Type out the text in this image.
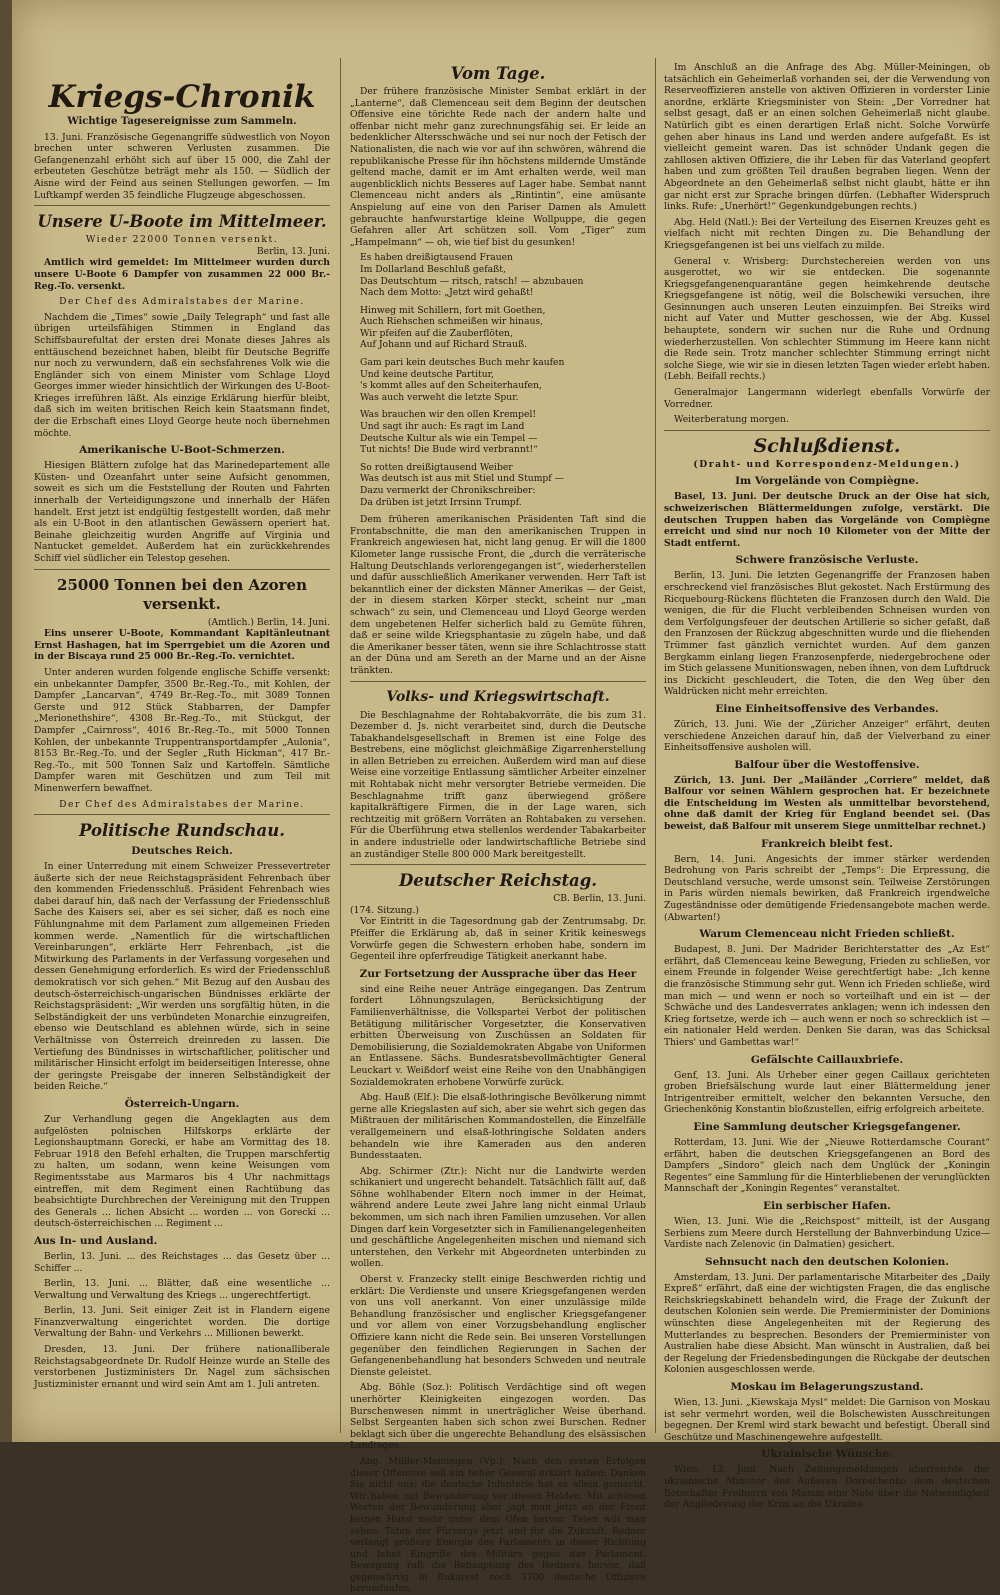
Kriegs-Chronik
Wichtige Tagesereignisse zum Sammeln.

13. Juni. Französische Gegenangriffe südwestlich von Noyon brechen unter schweren Verlusten zusammen. Die Gefangenenzahl erhöht sich auf über 15 000, die Zahl der erbeuteten Geschütze beträgt mehr als 150. — Südlich der Aisne wird der Feind aus seinen Stellungen geworfen. — Im Luftkampf werden 35 feindliche Flugzeuge abgeschossen.

Unsere U-Boote im Mittelmeer.
Wieder 22000 Tonnen versenkt.
Berlin, 13. Juni.

Amtlich wird gemeldet: Im Mittelmeer wurden durch unsere U-Boote 6 Dampfer von zusammen 22 000 Br.-Reg.-To. versenkt.

Der Chef des Admiralstabes der Marine.

Nachdem die „Times“ sowie „Daily Telegraph“ und fast alle übrigen urteilsfähigen Stimmen in England das Schiffsbaurefultat der ersten drei Monate dieses Jahres als enttäuschend bezeichnet haben, bleibt für Deutsche Begriffe nur noch zu verwundern, daß ein sechsfahrenes Volk wie die Engländer sich von einem Minister vom Schlage Lloyd Georges immer wieder hinsichtlich der Wirkungen des U-Boot-Krieges irreführen läßt. Als einzige Erklärung hierfür bleibt, daß sich im weiten britischen Reich kein Staatsmann findet, der die Erbschaft eines Lloyd George heute noch übernehmen möchte.

Amerikanische U-Boot-Schmerzen.

Hiesigen Blättern zufolge hat das Marinedepartement alle Küsten- und Ozeanfahrt unter seine Aufsicht genommen, soweit es sich um die Feststellung der Routen und Fahrten innerhalb der Verteidigungszone und innerhalb der Häfen handelt. Erst jetzt ist endgültig festgestellt worden, daß mehr als ein U-Boot in den atlantischen Gewässern operiert hat. Beinahe gleichzeitig wurden Angriffe auf Virginia und Nantucket gemeldet. Außerdem hat ein zurückkehrendes Schiff viel südlicher ein Telestop gesehen.

25000 Tonnen bei den Azoren versenkt.
(Amtlich.) Berlin, 14. Juni.

Eins unserer U-Boote, Kommandant Kapitänleutnant Ernst Hashagen, hat im Sperrgebiet um die Azoren und in der Biscaya rund 25 000 Br.-Reg.-To. vernichtet.

Unter anderen wurden folgende englische Schiffe versenkt: ein unbekannter Dampfer, 3500 Br.-Reg.-To., mit Kohlen, der Dampfer „Lancarvan“, 4749 Br.-Reg.-To., mit 3089 Tonnen Gerste und 912 Stück Stabbarren, der Dampfer „Merionethshire“, 4308 Br.-Reg.-To., mit Stückgut, der Dampfer „Cairnross“, 4016 Br.-Reg.-To., mit 5000 Tonnen Kohlen, der unbekannte Truppentransportdampfer „Aulonia“, 8153 Br.-Reg.-To. und der Segler „Ruth Hickman“, 417 Br.-Reg.-To., mit 500 Tonnen Salz und Kartoffeln. Sämtliche Dampfer waren mit Geschützen und zum Teil mit Minenwerfern bewaffnet.

Der Chef des Admiralstabes der Marine.

Politische Rundschau.
Deutsches Reich.

In einer Unterredung mit einem Schweizer Pressevertreter äußerte sich der neue Reichstagspräsident Fehrenbach über den kommenden Friedensschluß. Präsident Fehrenbach wies dabei darauf hin, daß nach der Verfassung der Friedensschluß Sache des Kaisers sei, aber es sei sicher, daß es noch eine Fühlungnahme mit dem Parlament zum allgemeinen Frieden kommen werde. „Namentlich für die wirtschaftlichen Vereinbarungen“, erklärte Herr Fehrenbach, „ist die Mitwirkung des Parlaments in der Verfassung vorgesehen und dessen Genehmigung erforderlich. Es wird der Friedensschluß demokratisch vor sich gehen.“ Mit Bezug auf den Ausbau des deutsch-österreichisch-ungarischen Bündnisses erklärte der Reichstagspräsident: „Wir werden uns sorgfältig hüten, in die Selbständigkeit der uns verbündeten Monarchie einzugreifen, ebenso wie Deutschland es ablehnen würde, sich in seine Verhältnisse von Österreich dreinreden zu lassen. Die Vertiefung des Bündnisses in wirtschaftlicher, politischer und militärischer Hinsicht erfolgt im beiderseitigen Interesse, ohne der geringste Preisgabe der inneren Selbständigkeit der beiden Reiche.“

Österreich-Ungarn.

Zur Verhandlung gegen die Angeklagten aus dem aufgelösten polnischen Hilfskorps erklärte der Legionshauptmann Gorecki, er habe am Vormittag des 18. Februar 1918 den Befehl erhalten, die Truppen marschfertig zu halten, um sodann, wenn keine Weisungen vom Regimentsstabe aus Marmaros bis 4 Uhr nachmittags eintreffen, mit dem Regiment einen Rachtübung das beabsichtigte Durchbrechen der Vereinigung mit den Truppen des Generals ... lichen Absicht ... worden ... von Gorecki ... deutsch-österreichischen ... Regiment ...

Aus In- und Ausland.

Berlin, 13. Juni. ... des Reichstages ... das Gesetz über ... Schiffer ...

Berlin, 13. Juni. ... Blätter, daß eine wesentliche ... Verwaltung und Verwaltung des Kriegs ... ungerechtfertigt.

Berlin, 13. Juni. Seit einiger Zeit ist in Flandern eigene Finanzverwaltung eingerichtet worden. Die dortige Verwaltung der Bahn- und Verkehrs ... Millionen bewerkt.

Dresden, 13. Juni. Der frühere nationalliberale Reichstagsabgeordnete Dr. Rudolf Heinze wurde an Stelle des verstorbenen Justizministers Dr. Nagel zum sächsischen Justizminister ernannt und wird sein Amt am 1. Juli antreten.

Vom Tage.

Der frühere französische Minister Sembat erklärt in der „Lanterne“, daß Clemenceau seit dem Beginn der deutschen Offensive eine törichte Rede nach der andern halte und offenbar nicht mehr ganz zurechnungsfähig sei. Er leide an bedenklicher Altersschwäche und sei nur noch der Fetisch der Nationalisten, die nach wie vor auf ihn schwören, während die republikanische Presse für ihn höchstens mildernde Umstände geltend mache, damit er im Amt erhalten werde, weil man augenblicklich nichts Besseres auf Lager habe. Sembat nannt Clemenceau nicht anders als „Rintintin“, eine amüsante Anspielung auf eine von den Pariser Damen als Amulett gebrauchte hanfwurstartige kleine Wollpuppe, die gegen Gefahren aller Art schützen soll. Vom „Tiger“ zum „Hampelmann“ — oh, wie tief bist du gesunken!

Es haben dreißigtausend Frauen
Im Dollarland Beschluß gefaßt,
Das Deutschtum — ritsch, ratsch! — abzubauen
Nach dem Motto: „Jetzt wird gehaßt!
Hinweg mit Schillern, fort mit Goethen,
Auch Riehschen schmeißen wir hinaus,
Wir pfeifen auf die Zauberflöten,
Auf Johann und auf Richard Strauß.
Gam pari kein deutsches Buch mehr kaufen
Und keine deutsche Partitur,
's kommt alles auf den Scheiterhaufen,
Was auch verweht die letzte Spur.
Was brauchen wir den ollen Krempel!
Und sagt ihr auch: Es ragt im Land
Deutsche Kultur als wie ein Tempel —
Tut nichts! Die Bude wird verbrannt!“
So rotten dreißigtausend Weiber
Was deutsch ist aus mit Stiel und Stumpf —
Dazu vermerkt der Chronikschreiber:
Da drüben ist jetzt Irrsinn Trumpf.

Dem früheren amerikanischen Präsidenten Taft sind die Frontabschnitte, die man den amerikanischen Truppen in Frankreich angewiesen hat, nicht lang genug. Er will die 1800 Kilometer lange russische Front, die „durch die verräterische Haltung Deutschlands verlorengegangen ist“, wiederherstellen und dafür ausschließlich Amerikaner verwenden. Herr Taft ist bekanntlich einer der dicksten Männer Amerikas — der Geist, der in diesem starken Körper steckt, scheint nur „man schwach“ zu sein, und Clemenceau und Lloyd George werden dem ungebetenen Helfer sicherlich bald zu Gemüte führen, daß er seine wilde Kriegsphantasie zu zügeln habe, und daß die Amerikaner besser täten, wenn sie ihre Schlachtrosse statt an der Düna und am Sereth an der Marne und an der Aisne tränkten.

Volks- und Kriegswirtschaft.

Die Beschlagnahme der Rohtabakvorräte, die bis zum 31. Dezember d. Js. nicht verarbeitet sind, durch die Deutsche Tabakhandelsgesellschaft in Bremen ist eine Folge des Bestrebens, eine möglichst gleichmäßige Zigarrenherstellung in allen Betrieben zu erreichen. Außerdem wird man auf diese Weise eine vorzeitige Entlassung sämtlicher Arbeiter einzelner mit Rohtabak nicht mehr versorgter Betriebe vermeiden. Die Beschlagnahme trifft ganz überwiegend größere kapitalkräftigere Firmen, die in der Lage waren, sich rechtzeitig mit größern Vorräten an Rohtabaken zu versehen. Für die Überführung etwa stellenlos werdender Tabakarbeiter in andere industrielle oder landwirtschaftliche Betriebe sind an zuständiger Stelle 800 000 Mark bereitgestellt.

Deutscher Reichstag.
CB. Berlin, 13. Juni.
(174. Sitzung.)

Vor Eintritt in die Tagesordnung gab der Zentrumsabg. Dr. Pfeiffer die Erklärung ab, daß in seiner Kritik keineswegs Vorwürfe gegen die Schwestern erhoben habe, sondern im Gegenteil ihre opferfreudige Tätigkeit anerkannt habe.

Zur Fortsetzung der Aussprache über das Heer

sind eine Reihe neuer Anträge eingegangen. Das Zentrum fordert Löhnungszulagen, Berücksichtigung der Familienverhältnisse, die Volkspartei Verbot der politischen Betätigung militärischer Vorgesetzter, die Konservativen erbitten Überweisung von Zuschüssen an Soldaten für Demobilisierung, die Sozialdemokraten Abgabe von Uniformen an Entlassene. Sächs. Bundesratsbevollmächtigter General Leuckart v. Weißdorf weist eine Reihe von den Unabhängigen Sozialdemokraten erhobene Vorwürfe zurück.

Abg. Hauß (Elf.): Die elsaß-lothringische Bevölkerung nimmt gerne alle Kriegslasten auf sich, aber sie wehrt sich gegen das Mißtrauen der militärischen Kommandostellen, die Einzelfälle verallgemeinern und elsaß-lothringische Soldaten anders behandeln wie ihre Kameraden aus den anderen Bundesstaaten.

Abg. Schirmer (Ztr.): Nicht nur die Landwirte werden schikaniert und ungerecht behandelt. Tatsächlich fällt auf, daß Söhne wohlhabender Eltern noch immer in der Heimat, während andere Leute zwei Jahre lang nicht einmal Urlaub bekommen, um sich nach ihren Familien umzusehen. Vor allen Dingen darf kein Vorgesetzter sich in Familienangelegenheiten und geschäftliche Angelegenheiten mischen und niemand sich unterstehen, den Verkehr mit Abgeordneten unterbinden zu wollen.

Oberst v. Franzecky stellt einige Beschwerden richtig und erklärt: Die Verdienste und unsere Kriegsgefangenen werden von uns voll anerkannt. Von einer unzulässige milde Behandlung französischer und englischer Kriegsgefangener und vor allem von einer Vorzugsbehandlung englischer Offiziere kann nicht die Rede sein. Bei unseren Vorstellungen gegenüber den feindlichen Regierungen in Sachen der Gefangenenbehandlung hat besonders Schweden und neutrale Dienste geleistet.

Abg. Böhle (Soz.): Politisch Verdächtige sind oft wegen unerhörter Kleinigkeiten eingezogen worden. Das Burschenwesen nimmt in unerträglicher Weise überhand. Selbst Sergeanten haben sich schon zwei Burschen. Redner beklagt sich über die ungerechte Behandlung des elsässischen Landtages.

Abg. Müller-Meiningen (Vp.): Nach den ersten Erfolgen dieser Offensive soll ein hoher General erklärt haben: Danken Sie nicht uns; die deutsche Infanterie hat es allein gemacht. Wir haben mit Bewunderung vor diesen Helden. Mit schönen Worten der Bewunderung aber jagt man jetzt an der Front keinen Hund mehr unter dem Ofen hervor. Taten will man sehen. Taten der Fürsorge jetzt und für die Zukunft. Redner verlangt größere Energie des Parlaments in dieser Richtung und lehnt Eingriffe des Militärs gegen das Parlament. Bewegung ruft die Behauptung des Redners hervor, daß gegenwärtig in Bukarest noch 3700 deutsche Offiziere herumlaufen.

Im Anschluß an die Anfrage des Abg. Müller-Meiningen, ob tatsächlich ein Geheimerlaß vorhanden sei, der die Verwendung von Reserveoffizieren anstelle von aktiven Offizieren in vorderster Linie anordne, erklärte Kriegsminister von Stein: „Der Vorredner hat selbst gesagt, daß er an einen solchen Geheimerlaß nicht glaube. Natürlich gibt es einen derartigen Erlaß nicht. Solche Vorwürfe gehen aber hinaus ins Land und werden andere aufgefaßt. Es ist vielleicht gemeint waren. Das ist schnöder Undank gegen die zahllosen aktiven Offiziere, die ihr Leben für das Vaterland geopfert haben und zum größten Teil draußen begraben liegen. Wenn der Abgeordnete an den Geheimerlaß selbst nicht glaubt, hätte er ihn gar nicht erst zur Sprache bringen dürfen. (Lebhafter Widerspruch links. Rufe: „Unerhört!“ Gegenkundgebungen rechts.)

Abg. Held (Natl.): Bei der Verteilung des Eisernen Kreuzes geht es vielfach nicht mit rechten Dingen zu. Die Behandlung der Kriegsgefangenen ist bei uns vielfach zu milde.

General v. Wrisberg: Durchstechereien werden von uns ausgerottet, wo wir sie entdecken. Die sogenannte Kriegsgefangenenquarantäne gegen heimkehrende deutsche Kriegsgefangene ist nötig, weil die Bolschewiki versuchen, ihre Gesinnungen auch unseren Leuten einzuimpfen. Bei Streiks wird nicht auf Vater und Mutter geschossen, wie der Abg. Kussel behauptete, sondern wir suchen nur die Ruhe und Ordnung wiederherzustellen. Von schlechter Stimmung im Heere kann nicht die Rede sein. Trotz mancher schlechter Stimmung erringt nicht solche Siege, wie wir sie in diesen letzten Tagen wieder erlebt haben. (Lebh. Beifall rechts.)

Generalmajor Langermann widerlegt ebenfalls Vorwürfe der Vorredner.

Weiterberatung morgen.

Schlußdienst.
(Draht- und Korrespondenz-Meldungen.)
Im Vorgelände von Compiègne.

Basel, 13. Juni. Der deutsche Druck an der Oise hat sich, schweizerischen Blättermeldungen zufolge, verstärkt. Die deutschen Truppen haben das Vorgelände von Compiègne erreicht und sind nur noch 10 Kilometer von der Mitte der Stadt entfernt.

Schwere französische Verluste.

Berlin, 13. Juni. Die letzten Gegenangriffe der Franzosen haben erschreckend viel französisches Blut gekostet. Nach Erstürmung des Ricquebourg-Rückens flüchteten die Franzosen durch den Wald. Die wenigen, die für die Flucht verbleibenden Schneisen wurden von dem Verfolgungsfeuer der deutschen Artillerie so sicher gefaßt, daß den Franzosen der Rückzug abgeschnitten wurde und die fliehenden Trümmer fast gänzlich vernichtet wurden. Auf dem ganzen Bergkamm einlang liegen Franzosenpferde, niedergebrochene oder im Stich gelassene Munitionswagen, neben ihnen, von dem Luftdruck ins Dickicht geschleudert, die Toten, die den Weg über den Waldrücken nicht mehr erreichten.

Eine Einheitsoffensive des Verbandes.

Zürich, 13. Juni. Wie der „Züricher Anzeiger“ erfährt, deuten verschiedene Anzeichen darauf hin, daß der Vielverband zu einer Einheitsoffensive ausholen will.

Balfour über die Westoffensive.

Zürich, 13. Juni. Der „Mailänder „Corriere“ meldet, daß Balfour vor seinen Wählern gesprochen hat. Er bezeichnete die Entscheidung im Westen als unmittelbar bevorstehend, ohne daß damit der Krieg für England beendet sei. (Das beweist, daß Balfour mit unserem Siege unmittelbar rechnet.)

Frankreich bleibt fest.

Bern, 14. Juni. Angesichts der immer stärker werdenden Bedrohung von Paris schreibt der „Temps“: Die Erpressung, die Deutschland versuche, werde umsonst sein. Teilweise Zerstörungen in Paris würden niemals bewirken, daß Frankreich irgendwelche Zugeständnisse oder demütigende Friedensangebote machen werde. (Abwarten!)

Warum Clemenceau nicht Frieden schließt.

Budapest, 8. Juni. Der Madrider Berichterstatter des „Az Est“ erfährt, daß Clemenceau keine Bewegung, Frieden zu schließen, vor einem Freunde in folgender Weise gerechtfertigt habe: „Ich kenne die französische Stimmung sehr gut. Wenn ich Frieden schließe, wird man mich — und wenn er noch so vorteilhaft und ein ist — der Schwäche und des Landesverrates anklagen; wenn ich indessen den Krieg fortsetze, werde ich — auch wenn er noch so schrecklich ist — ein nationaler Held werden. Denken Sie daran, was das Schicksal Thiers' und Gambettas war!“

Gefälschte Caillauxbriefe.

Genf, 13. Juni. Als Urheber einer gegen Caillaux gerichteten groben Briefsälschung wurde laut einer Blättermeldung jener Intrigentreiber ermittelt, welcher den bekannten Versuche, den Griechenkönig Konstantin bloßzustellen, eifrig erfolgreich arbeitete.

Eine Sammlung deutscher Kriegsgefangener.

Rotterdam, 13. Juni. Wie der „Nieuwe Rotterdamsche Courant“ erfährt, haben die deutschen Kriegsgefangenen an Bord des Dampfers „Sindoro“ gleich nach dem Unglück der „Koningin Regentes“ eine Sammlung für die Hinterbliebenen der verunglückten Mannschaft der „Koningin Regentes“ veranstaltet.

Ein serbischer Hafen.

Wien, 13. Juni. Wie die „Reichspost“ mitteilt, ist der Ausgang Serbiens zum Meere durch Herstellung der Bahnverbindung Uzice—Vardiste nach Zelenovic (in Dalmatien) gesichert.

Sehnsucht nach den deutschen Kolonien.

Amsterdam, 13. Juni. Der parlamentarische Mitarbeiter des „Daily Expreß“ erfährt, daß eine der wichtigsten Fragen, die das englische Reichskriegskabinett behandeln wird, die Frage der Zukunft der deutschen Kolonien sein werde. Die Premierminister der Dominions wünschten diese Angelegenheiten mit der Regierung des Mutterlandes zu besprechen. Besonders der Premierminister von Australien habe diese Absicht. Man wünscht in Australien, daß bei der Regelung der Friedensbedingungen die Rückgabe der deutschen Kolonien ausgeschlossen werde.

Moskau im Belagerungszustand.

Wien, 13. Juni. „Kiewskaja Mysl“ meldet: Die Garnison von Moskau ist sehr vermehrt worden, weil die Bolschewisten Ausschreitungen begegnen. Der Kreml wird stark bewacht und befestigt. Überall sind Geschütze und Maschinengewehre aufgestellt.

Ukrainische Wünsche.

Wien, 13. Juni. Nach Zeitungsmeldungen überreichte der ukrainische Minister des Äußeren Doroschenko dem deutschen Botschafter Freiherrn von Mumm eine Note über die Notwendigkeit der Angliederung der Krim an die Ukraine.
